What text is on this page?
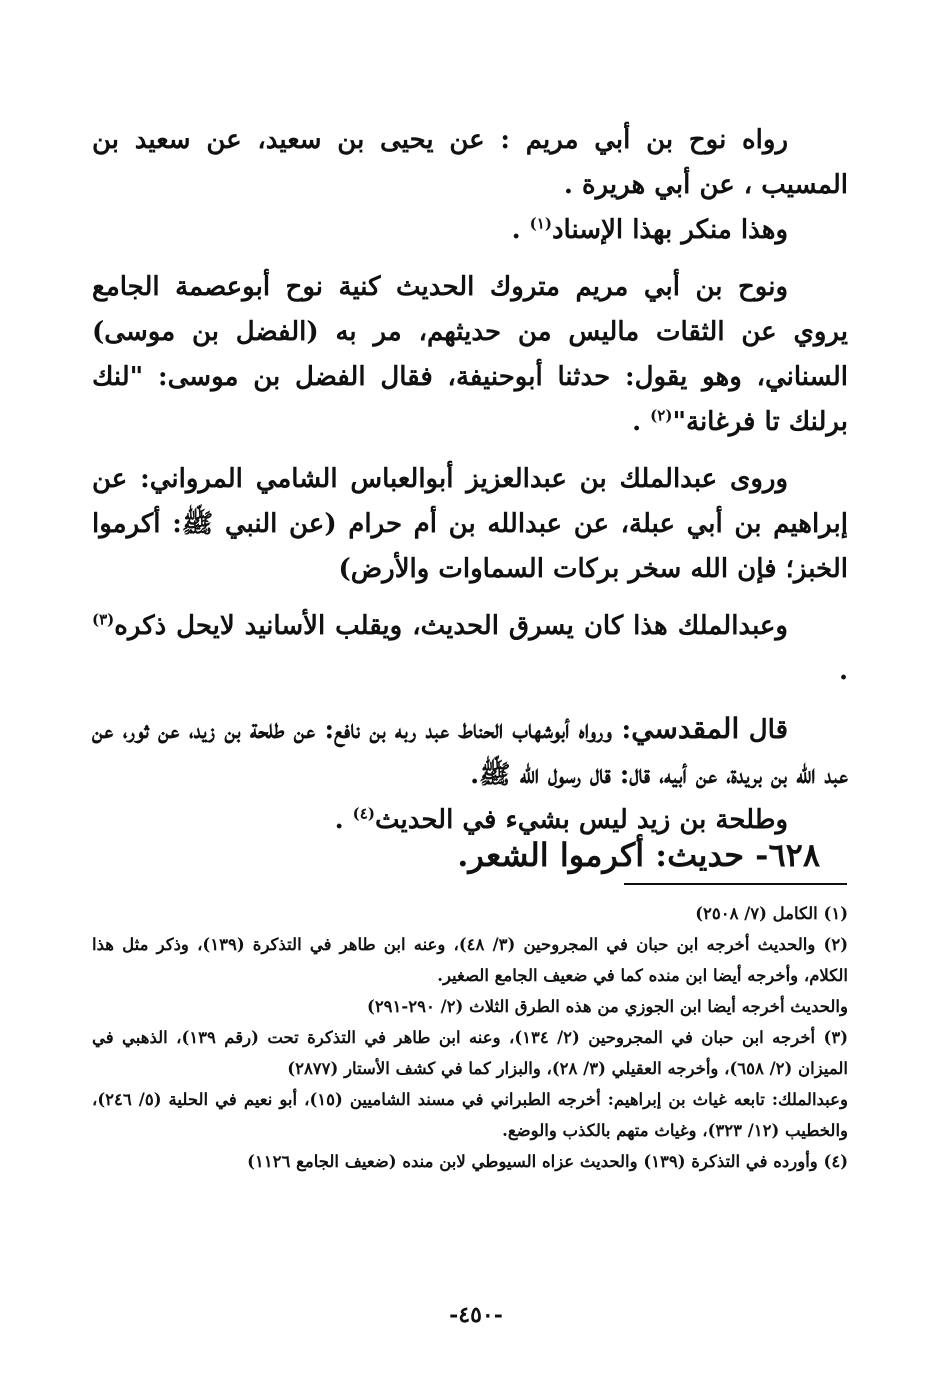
رواه نوح بن أبي مريم : عن يحيى بن سعيد، عن سعيد بن المسيب ، عن أبي هريرة .

وهذا منكر بهذا الإسناد$^{(١)}$ .

ونوح بن أبي مريم متروك الحديث كنية نوح أبوعصمة الجامع يروي عن الثقات ماليس من حديثهم، مر به (الفضل بن موسى) السناني، وهو يقول: حدثنا أبوحنيفة، فقال الفضل بن موسى: "لنك برلنك تا فرغانة"$^{(٢)}$ .

وروى عبدالملك بن عبدالعزيز أبوالعباس الشامي المرواني: عن إبراهيم بن أبي عبلة، عن عبدالله بن أم حرام (عن النبي ﷺ: أكرموا الخبز؛ فإن الله سخر بركات السماوات والأرض)

وعبدالملك هذا كان يسرق الحديث، ويقلب الأسانيد لايحل ذكره$^{(٣)}$ .

قال المقدسي: ورواه أبوشهاب الحناط عبد ربه بن نافع: عن طلحة بن زيد، عن ثور، عن عبد اللّه بن بريدة، عن أبيه، قال: قال رسول الله ﷺ.

وطلحة بن زيد ليس بشيء في الحديث$^{(٤)}$ .

٦٢٨- حديث: أكرموا الشعر.

(١) الكامل (٧/ ٢٥٠٨)

(٢) والحديث أخرجه ابن حبان في المجروحين (٣/ ٤٨)، وعنه ابن طاهر في التذكرة (١٣٩)، وذكر مثل هذا الكلام، وأخرجه أيضا ابن منده كما في ضعيف الجامع الصغير.

والحديث أخرجه أيضا ابن الجوزي من هذه الطرق الثلاث (٢/ ٢٩٠-٢٩١)

(٣) أخرجه ابن حبان في المجروحين (٢/ ١٣٤)، وعنه ابن طاهر في التذكرة تحت (رقم ١٣٩)، الذهبي في الميزان (٢/ ٦٥٨)، وأخرجه العقيلي (٣/ ٢٨)، والبزار كما في كشف الأستار (٢٨٧٧)

وعبدالملك: تابعه غياث بن إبراهيم: أخرجه الطبراني في مسند الشاميين (١٥)، أبو نعيم في الحلية (٥/ ٢٤٦)، والخطيب (١٢/ ٣٢٣)، وغياث متهم بالكذب والوضع.

(٤) وأورده في التذكرة (١٣٩) والحديث عزاه السيوطي لابن منده (ضعيف الجامع ١١٢٦)

-٤٥٠-
